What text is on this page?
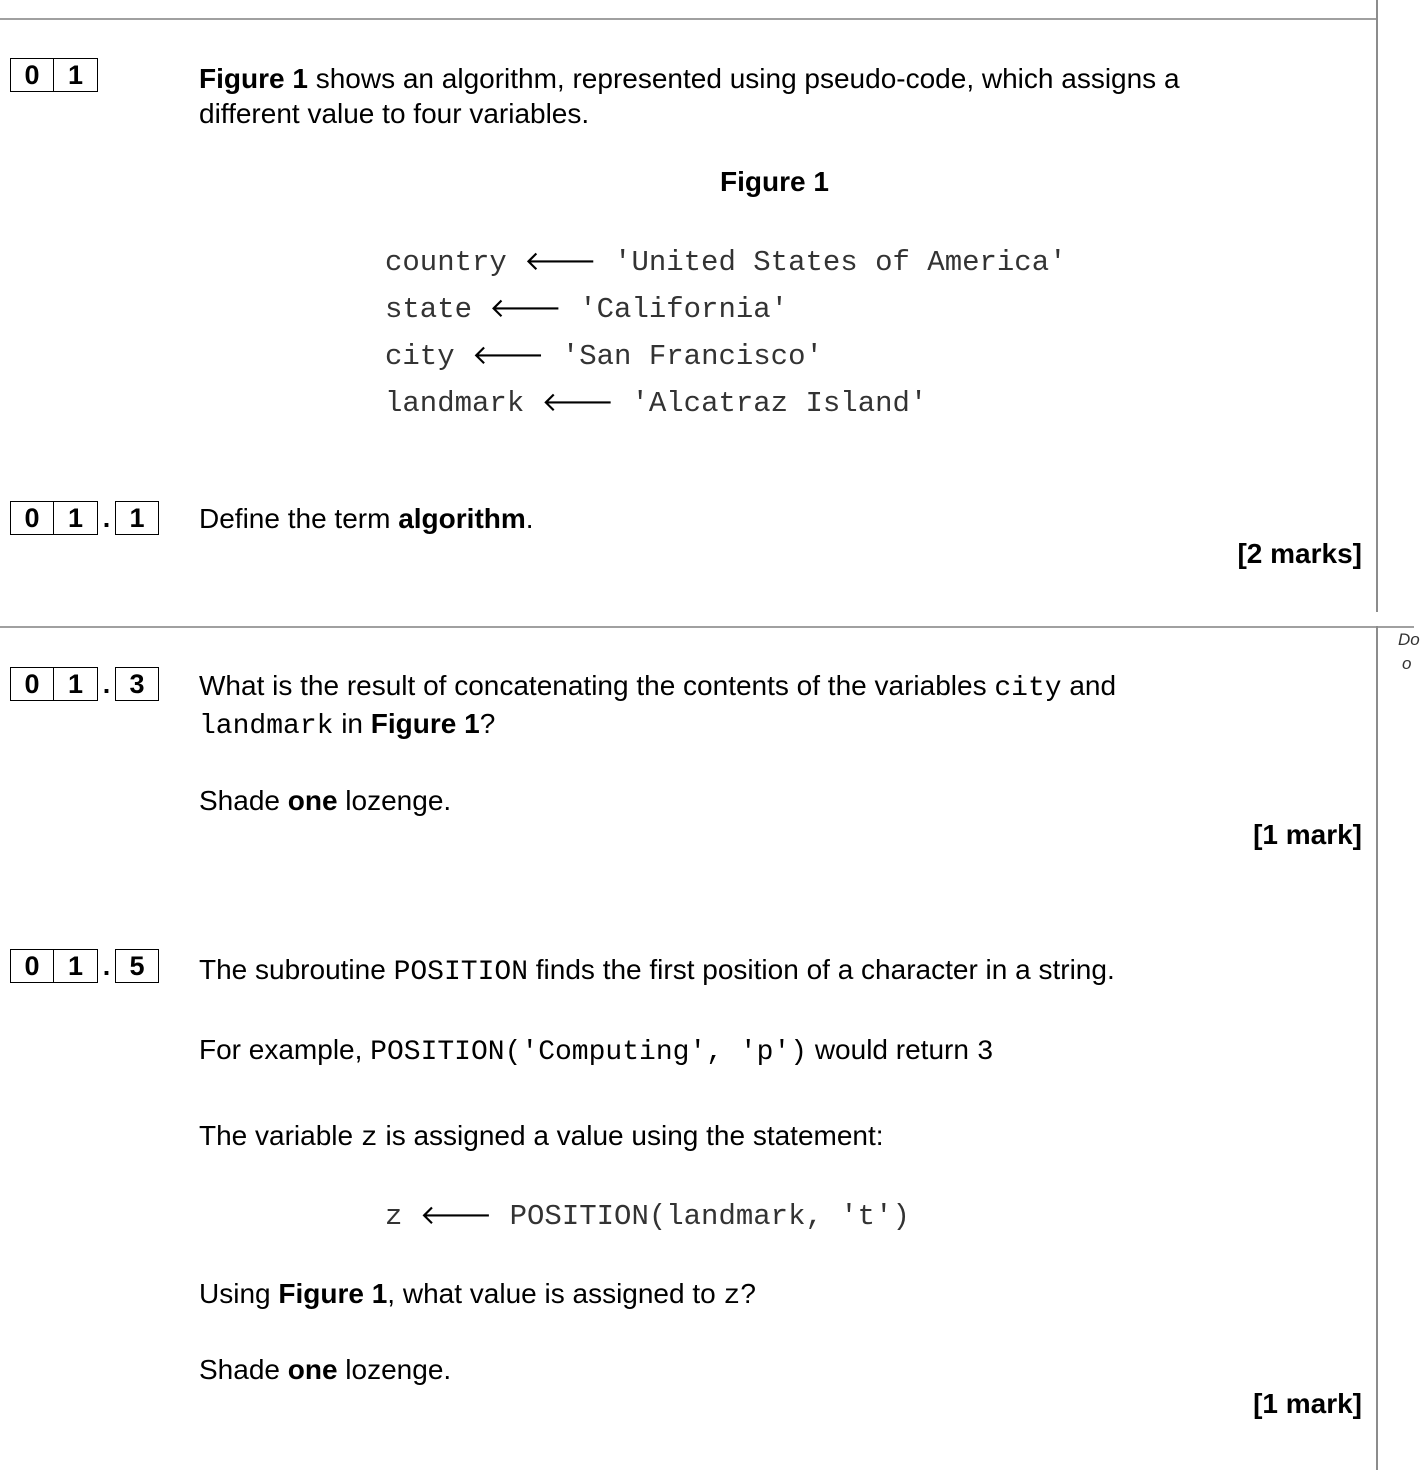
Do
o
0	1	Figure 1 shows an algorithm, represented using pseudo-code, which assigns a
different value to four variables.
Figure 1
country 🡐 'United States of America'
state 🡐 'California'
city 🡐 'San Francisco'
landmark 🡐 'Alcatraz Island'
0	1 . 1	Define the term algorithm.
[2 marks]
0	1 . 3	What is the result of concatenating the contents of the variables city and
landmark in Figure 1?
Shade one lozenge.
[1 mark]
0	1 . 5	The subroutine POSITION finds the first position of a character in a string.
For example, POSITION('Computing', 'p') would return 3
The variable z is assigned a value using the statement:
z 🡐 POSITION(landmark, 't')
Using Figure 1, what value is assigned to z?
Shade one lozenge.
[1 mark]
